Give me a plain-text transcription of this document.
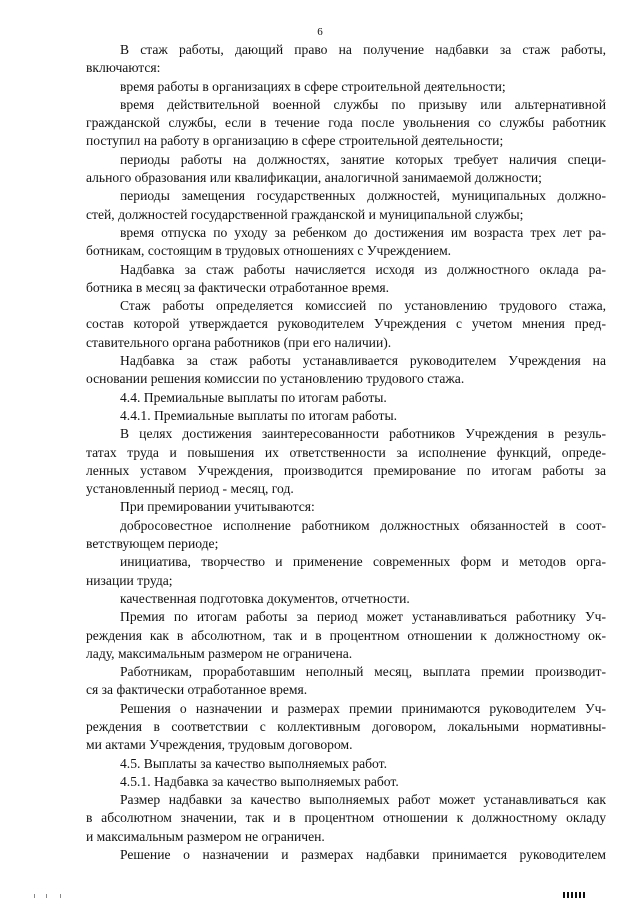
6
В стаж работы, дающий право на получение надбавки за стаж работы,
включаются:
время работы в организациях в сфере строительной деятельности;
время действительной военной службы по призыву или альтернативной
гражданской службы, если в течение года после увольнения со службы работник
поступил на работу в организацию в сфере строительной деятельности;
периоды работы на должностях, занятие которых требует наличия специ-
ального образования или квалификации, аналогичной занимаемой должности;
периоды замещения государственных должностей, муниципальных должно-
стей, должностей государственной гражданской и муниципальной службы;
время отпуска по уходу за ребенком до достижения им возраста трех лет ра-
ботникам, состоящим в трудовых отношениях с Учреждением.
Надбавка за стаж работы начисляется исходя из должностного оклада ра-
ботника в месяц за фактически отработанное время.
Стаж работы определяется комиссией по установлению трудового стажа,
состав которой утверждается руководителем Учреждения с учетом мнения пред-
ставительного органа работников (при его наличии).
Надбавка за стаж работы устанавливается руководителем Учреждения на
основании решения комиссии по установлению трудового стажа.
4.4. Премиальные выплаты по итогам работы.
4.4.1. Премиальные выплаты по итогам работы.
В целях достижения заинтересованности работников Учреждения в резуль-
татах труда и повышения их ответственности за исполнение функций, опреде-
ленных уставом Учреждения, производится премирование по итогам работы за
установленный период - месяц, год.
При премировании учитываются:
добросовестное исполнение работником должностных обязанностей в соот-
ветствующем периоде;
инициатива, творчество и применение современных форм и методов орга-
низации труда;
качественная подготовка документов, отчетности.
Премия по итогам работы за период может устанавливаться работнику Уч-
реждения как в абсолютном, так и в процентном отношении к должностному ок-
ладу, максимальным размером не ограничена.
Работникам, проработавшим неполный месяц, выплата премии производит-
ся за фактически отработанное время.
Решения о назначении и размерах премии принимаются руководителем Уч-
реждения в соответствии с коллективным договором, локальными нормативны-
ми актами Учреждения, трудовым договором.
4.5. Выплаты за качество выполняемых работ.
4.5.1. Надбавка за качество выполняемых работ.
Размер надбавки за качество выполняемых работ может устанавливаться как
в абсолютном значении, так и в процентном отношении к должностному окладу
и максимальным размером не ограничен.
Решение о назначении и размерах надбавки принимается руководителем
